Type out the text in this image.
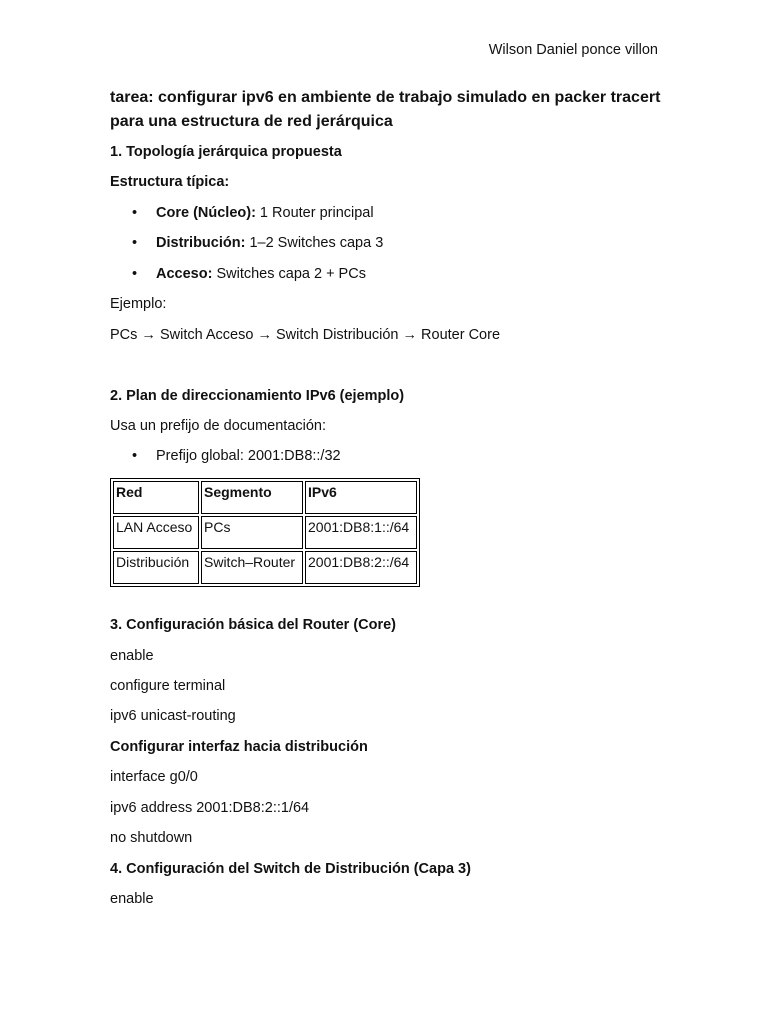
Wilson Daniel ponce villon
tarea: configurar ipv6 en ambiente de trabajo simulado en packer tracert para una estructura de red jerárquica
1. Topología jerárquica propuesta
Estructura típica:
• Core (Núcleo): 1 Router principal
• Distribución: 1–2 Switches capa 3
• Acceso: Switches capa 2 + PCs
Ejemplo:
PCs → Switch Acceso → Switch Distribución → Router Core
2. Plan de direccionamiento IPv6 (ejemplo)
Usa un prefijo de documentación:
• Prefijo global: 2001:DB8::/32
Red	Segmento	IPv6
LAN Acceso	PCs	2001:DB8:1::/64
Distribución	Switch–Router	2001:DB8:2::/64
3. Configuración básica del Router (Core)
enable
configure terminal
ipv6 unicast-routing
Configurar interfaz hacia distribución
interface g0/0
ipv6 address 2001:DB8:2::1/64
no shutdown
4. Configuración del Switch de Distribución (Capa 3)
enable
